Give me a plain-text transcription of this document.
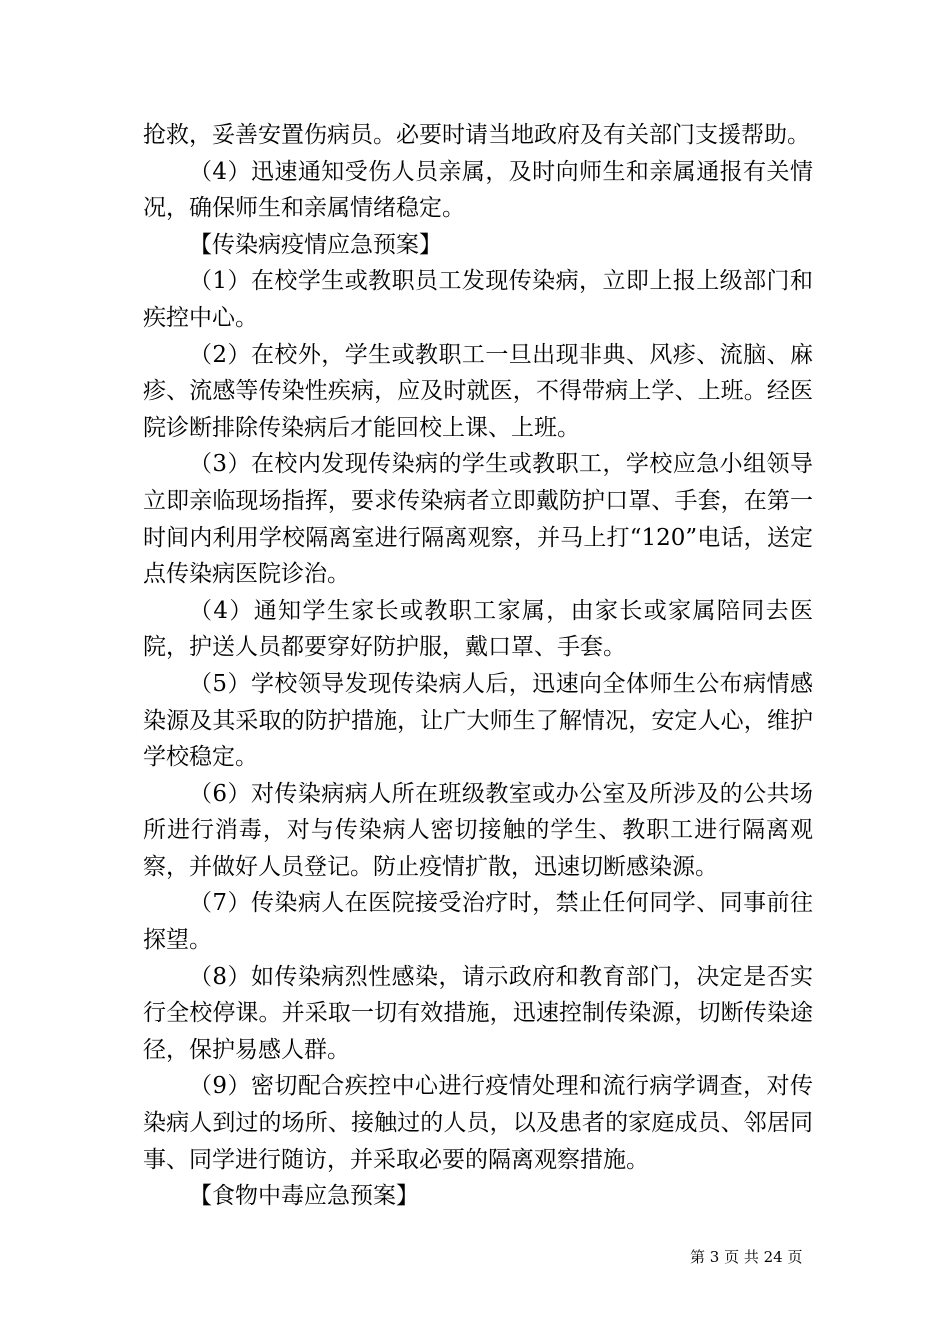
抢救，妥善安置伤病员。必要时请当地政府及有关部门支援帮助。

（4）迅速通知受伤人员亲属，及时向师生和亲属通报有关情况，确保师生和亲属情绪稳定。

【传染病疫情应急预案】

（1）在校学生或教职员工发现传染病，立即上报上级部门和疾控中心。

（2）在校外，学生或教职工一旦出现非典、风疹、流脑、麻疹、流感等传染性疾病，应及时就医，不得带病上学、上班。经医院诊断排除传染病后才能回校上课、上班。

（3）在校内发现传染病的学生或教职工，学校应急小组领导立即亲临现场指挥，要求传染病者立即戴防护口罩、手套，在第一时间内利用学校隔离室进行隔离观察，并马上打“120”电话，送定点传染病医院诊治。

（4）通知学生家长或教职工家属，由家长或家属陪同去医院，护送人员都要穿好防护服，戴口罩、手套。

（5）学校领导发现传染病人后，迅速向全体师生公布病情感染源及其采取的防护措施，让广大师生了解情况，安定人心，维护学校稳定。

（6）对传染病病人所在班级教室或办公室及所涉及的公共场所进行消毒，对与传染病人密切接触的学生、教职工进行隔离观察，并做好人员登记。防止疫情扩散，迅速切断感染源。

（7）传染病人在医院接受治疗时，禁止任何同学、同事前往探望。

（8）如传染病烈性感染，请示政府和教育部门，决定是否实行全校停课。并采取一切有效措施，迅速控制传染源，切断传染途径，保护易感人群。

（9）密切配合疾控中心进行疫情处理和流行病学调查，对传染病人到过的场所、接触过的人员，以及患者的家庭成员、邻居同事、同学进行随访，并采取必要的隔离观察措施。

【食物中毒应急预案】

第 3 页 共 24 页
